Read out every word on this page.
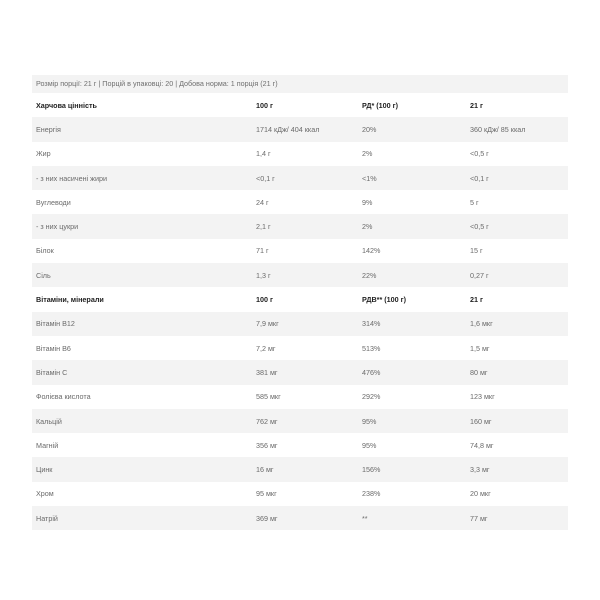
Розмір порції: 21 г | Порцій в упаковці: 20 | Добова норма: 1 порція (21 г)
Харчова цінність	100 г	РД* (100 г)	21 г
Енергія	1714 кДж/ 404 ккал	20%	360 кДж/ 85 ккал
Жир	1,4 г	2%	<0,5 г
- з них насичені жири	<0,1 г	<1%	<0,1 г
Вуглеводи	24 г	9%	5 г
- з них цукри	2,1 г	2%	<0,5 г
Білок	71 г	142%	15 г
Сіль	1,3 г	22%	0,27 г
Вітаміни, мінерали	100 г	РДВ** (100 г)	21 г
Вітамін B12	7,9 мкг	314%	1,6 мкг
Вітамін B6	7,2 мг	513%	1,5 мг
Вітамін C	381 мг	476%	80 мг
Фолієва кислота	585 мкг	292%	123 мкг
Кальцій	762 мг	95%	160 мг
Магній	356 мг	95%	74,8 мг
Цинк	16 мг	156%	3,3 мг
Хром	95 мкг	238%	20 мкг
Натрій	369 мг	**	77 мг
